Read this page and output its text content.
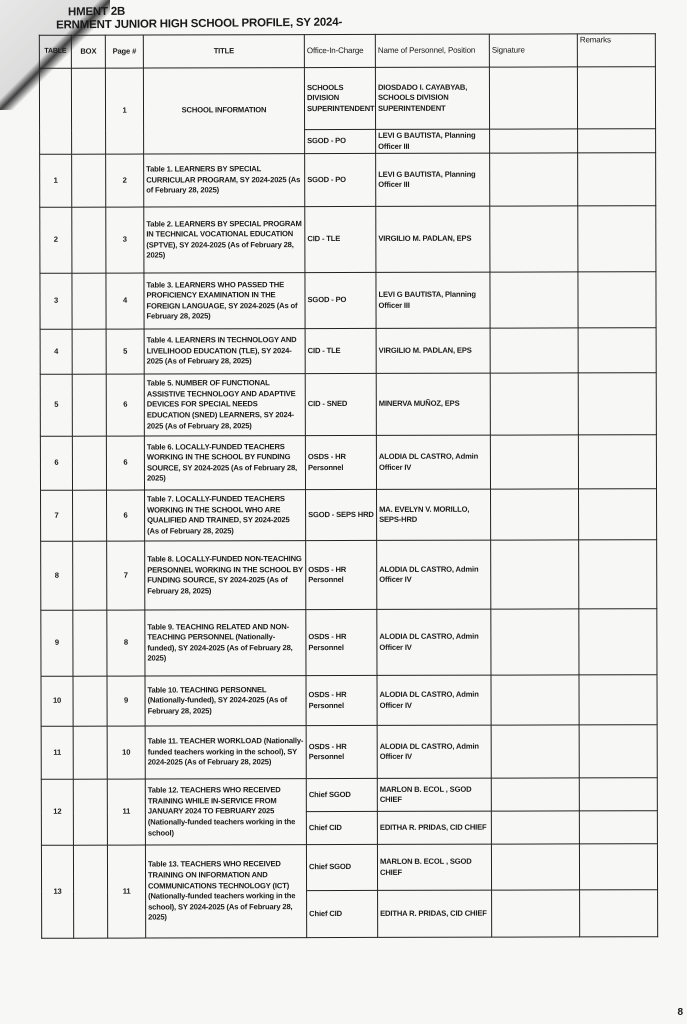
HMENT 2B
ERNMENT JUNIOR HIGH SCHOOL PROFILE, SY 2024-
TABLE	BOX	Page #	TITLE	Office-In-Charge	Name of Personnel, Position	Signature	Remarks
		1	SCHOOL INFORMATION	SCHOOLS DIVISION SUPERINTENDENT	DIOSDADO I. CAYABYAB, SCHOOLS DIVISION SUPERINTENDENT		
				SGOD - PO	LEVI G BAUTISTA, Planning Officer III		
1		2	Table 1. LEARNERS BY SPECIAL CURRICULAR PROGRAM, SY 2024-2025 (As of February 28, 2025)	SGOD - PO	LEVI G BAUTISTA, Planning Officer III		
2		3	Table 2. LEARNERS BY SPECIAL PROGRAM IN TECHNICAL VOCATIONAL EDUCATION (SPTVE), SY 2024-2025 (As of February 28, 2025)	CID - TLE	VIRGILIO M. PADLAN, EPS		
3		4	Table 3. LEARNERS WHO PASSED THE PROFICIENCY EXAMINATION IN THE FOREIGN LANGUAGE, SY 2024-2025 (As of February 28, 2025)	SGOD - PO	LEVI G BAUTISTA, Planning Officer III		
4		5	Table 4. LEARNERS IN TECHNOLOGY AND LIVELIHOOD EDUCATION (TLE), SY 2024-2025 (As of February 28, 2025)	CID - TLE	VIRGILIO M. PADLAN, EPS		
5		6	Table 5. NUMBER OF FUNCTIONAL ASSISTIVE TECHNOLOGY AND ADAPTIVE DEVICES FOR SPECIAL NEEDS EDUCATION (SNED) LEARNERS, SY 2024-2025 (As of February 28, 2025)	CID - SNED	MINERVA MUÑOZ, EPS		
6		6	Table 6. LOCALLY-FUNDED TEACHERS WORKING IN THE SCHOOL BY FUNDING SOURCE, SY 2024-2025 (As of February 28, 2025)	OSDS - HR Personnel	ALODIA DL CASTRO, Admin Officer IV		
7		6	Table 7. LOCALLY-FUNDED TEACHERS WORKING IN THE SCHOOL WHO ARE QUALIFIED AND TRAINED, SY 2024-2025 (As of February 28, 2025)	SGOD - SEPS HRD	MA. EVELYN V. MORILLO, SEPS-HRD		
8		7	Table 8. LOCALLY-FUNDED NON-TEACHING PERSONNEL WORKING IN THE SCHOOL BY FUNDING SOURCE, SY 2024-2025 (As of February 28, 2025)	OSDS - HR Personnel	ALODIA DL CASTRO, Admin Officer IV		
9		8	Table 9. TEACHING RELATED AND NON-TEACHING PERSONNEL (Nationally-funded), SY 2024-2025 (As of February 28, 2025)	OSDS - HR Personnel	ALODIA DL CASTRO, Admin Officer IV		
10		9	Table 10. TEACHING PERSONNEL (Nationally-funded), SY 2024-2025 (As of February 28, 2025)	OSDS - HR Personnel	ALODIA DL CASTRO, Admin Officer IV		
11		10	Table 11. TEACHER WORKLOAD (Nationally-funded teachers working in the school), SY 2024-2025 (As of February 28, 2025)	OSDS - HR Personnel	ALODIA DL CASTRO, Admin Officer IV		
12		11	Table 12. TEACHERS WHO RECEIVED TRAINING WHILE IN-SERVICE FROM JANUARY 2024 TO FEBRUARY 2025 (Nationally-funded teachers working in the school)	Chief SGOD	MARLON B. ECOL , SGOD CHIEF		
				Chief CID	EDITHA R. PRIDAS, CID CHIEF		
13		11	Table 13. TEACHERS WHO RECEIVED TRAINING ON INFORMATION AND COMMUNICATIONS TECHNOLOGY (ICT) (Nationally-funded teachers working in the school), SY 2024-2025 (As of February 28, 2025)	Chief SGOD	MARLON B. ECOL , SGOD CHIEF		
				Chief CID	EDITHA R. PRIDAS, CID CHIEF		
8
